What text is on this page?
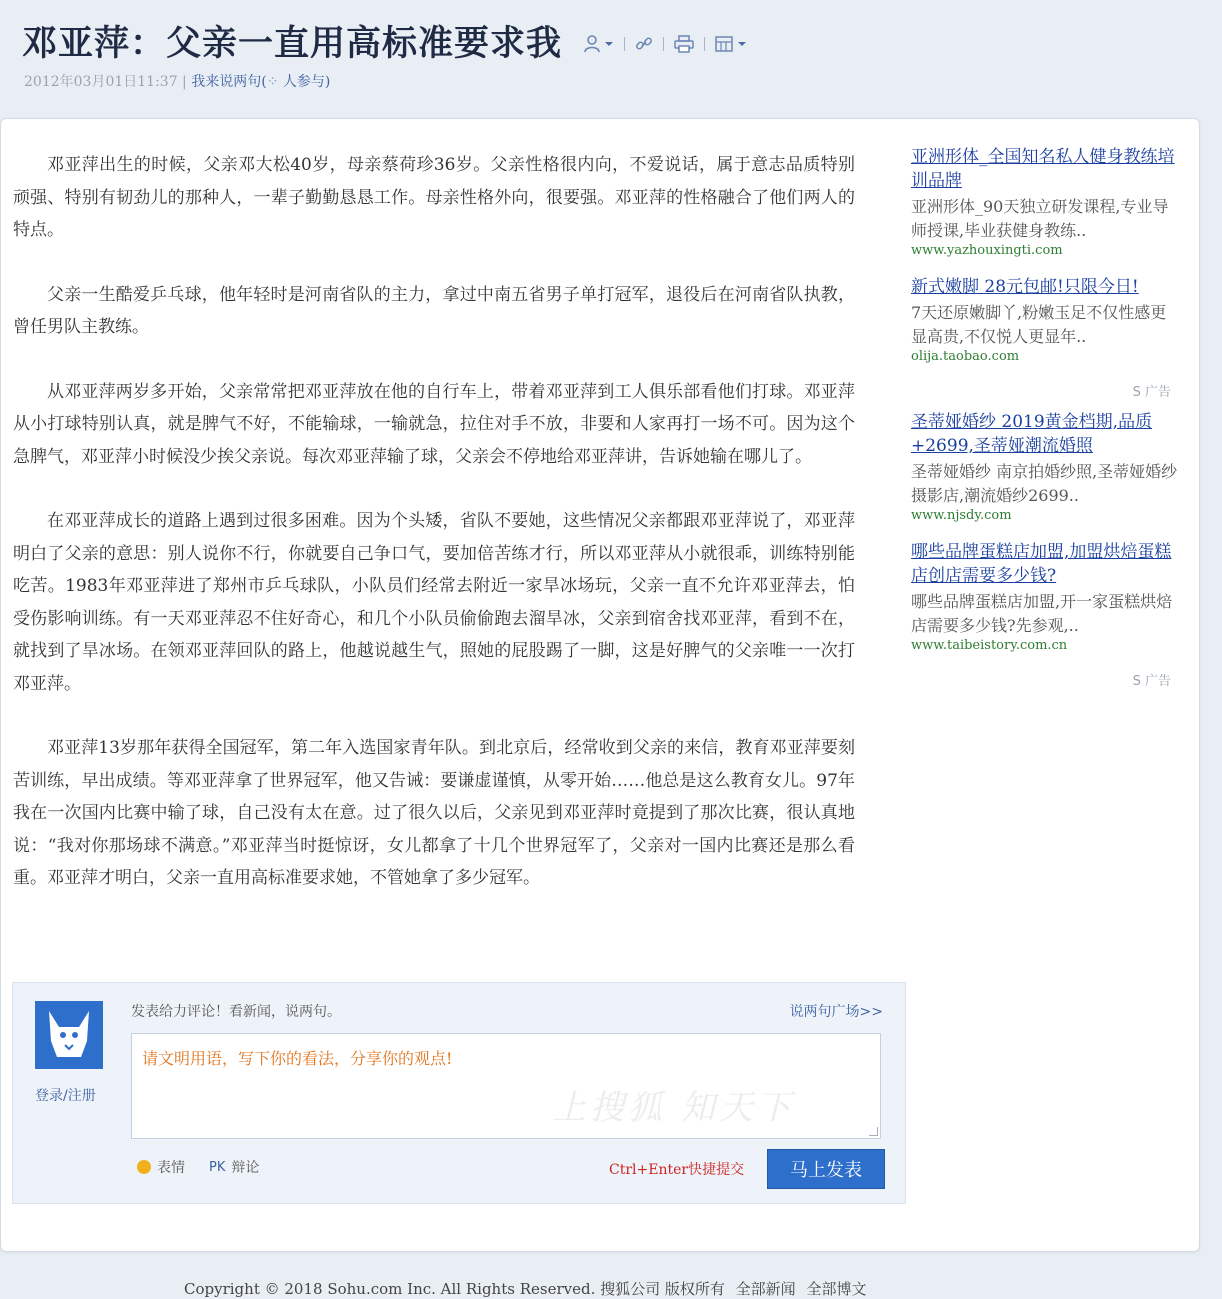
邓亚萍：父亲一直用高标准要求我
2012年03月01日11:37 | 我来说两句(⁘ 人参与)

邓亚萍出生的时候，父亲邓大松40岁，母亲蔡荷珍36岁。父亲性格很内向，不爱说话，属于意志品质特别顽强、特别有韧劲儿的那种人，一辈子勤勤恳恳工作。母亲性格外向，很要强。邓亚萍的性格融合了他们两人的特点。

父亲一生酷爱乒乓球，他年轻时是河南省队的主力，拿过中南五省男子单打冠军，退役后在河南省队执教，曾任男队主教练。

从邓亚萍两岁多开始，父亲常常把邓亚萍放在他的自行车上，带着邓亚萍到工人俱乐部看他们打球。邓亚萍从小打球特别认真，就是脾气不好，不能输球，一输就急，拉住对手不放，非要和人家再打一场不可。因为这个急脾气，邓亚萍小时候没少挨父亲说。每次邓亚萍输了球，父亲会不停地给邓亚萍讲，告诉她输在哪儿了。

在邓亚萍成长的道路上遇到过很多困难。因为个头矮，省队不要她，这些情况父亲都跟邓亚萍说了，邓亚萍明白了父亲的意思：别人说你不行，你就要自己争口气，要加倍苦练才行，所以邓亚萍从小就很乖，训练特别能吃苦。1983年邓亚萍进了郑州市乒乓球队，小队员们经常去附近一家旱冰场玩，父亲一直不允许邓亚萍去，怕受伤影响训练。有一天邓亚萍忍不住好奇心，和几个小队员偷偷跑去溜旱冰，父亲到宿舍找邓亚萍，看到不在，就找到了旱冰场。在领邓亚萍回队的路上，他越说越生气，照她的屁股踢了一脚，这是好脾气的父亲唯一一次打邓亚萍。

邓亚萍13岁那年获得全国冠军，第二年入选国家青年队。到北京后，经常收到父亲的来信，教育邓亚萍要刻苦训练，早出成绩。等邓亚萍拿了世界冠军，他又告诫：要谦虚谨慎，从零开始……他总是这么教育女儿。97年我在一次国内比赛中输了球，自己没有太在意。过了很久以后，父亲见到邓亚萍时竟提到了那次比赛，很认真地说：“我对你那场球不满意。”邓亚萍当时挺惊讶，女儿都拿了十几个世界冠军了，父亲对一国内比赛还是那么看重。邓亚萍才明白，父亲一直用高标准要求她，不管她拿了多少冠军。

亚洲形体_全国知名私人健身教练培训品牌
亚洲形体_90天独立研发课程,专业导师授课,毕业获健身教练..
www.yazhouxingti.com
新式嫩脚 28元包邮!只限今日!
7天还原嫩脚丫,粉嫩玉足不仅性感更显高贵,不仅悦人更显年..
olija.taobao.com
S 广告
圣蒂娅婚纱 2019黄金档期,品质+2699,圣蒂娅潮流婚照
圣蒂娅婚纱 南京拍婚纱照,圣蒂娅婚纱摄影店,潮流婚纱2699..
www.njsdy.com
哪些品牌蛋糕店加盟,加盟烘焙蛋糕店创店需要多少钱?
哪些品牌蛋糕店加盟,开一家蛋糕烘焙店需要多少钱?先参观,..
www.taibeistory.com.cn
S 广告
登录/注册
发表给力评论！看新闻，说两句。	说两句广场>>
请文明用语，写下你的看法，分享你的观点!
上搜狐 知天下
表情 PK 辩论	Ctrl+Enter快捷提交	马上发表
Copyright © 2018 Sohu.com Inc. All Rights Reserved. 搜狐公司 版权所有 全部新闻 全部博文
